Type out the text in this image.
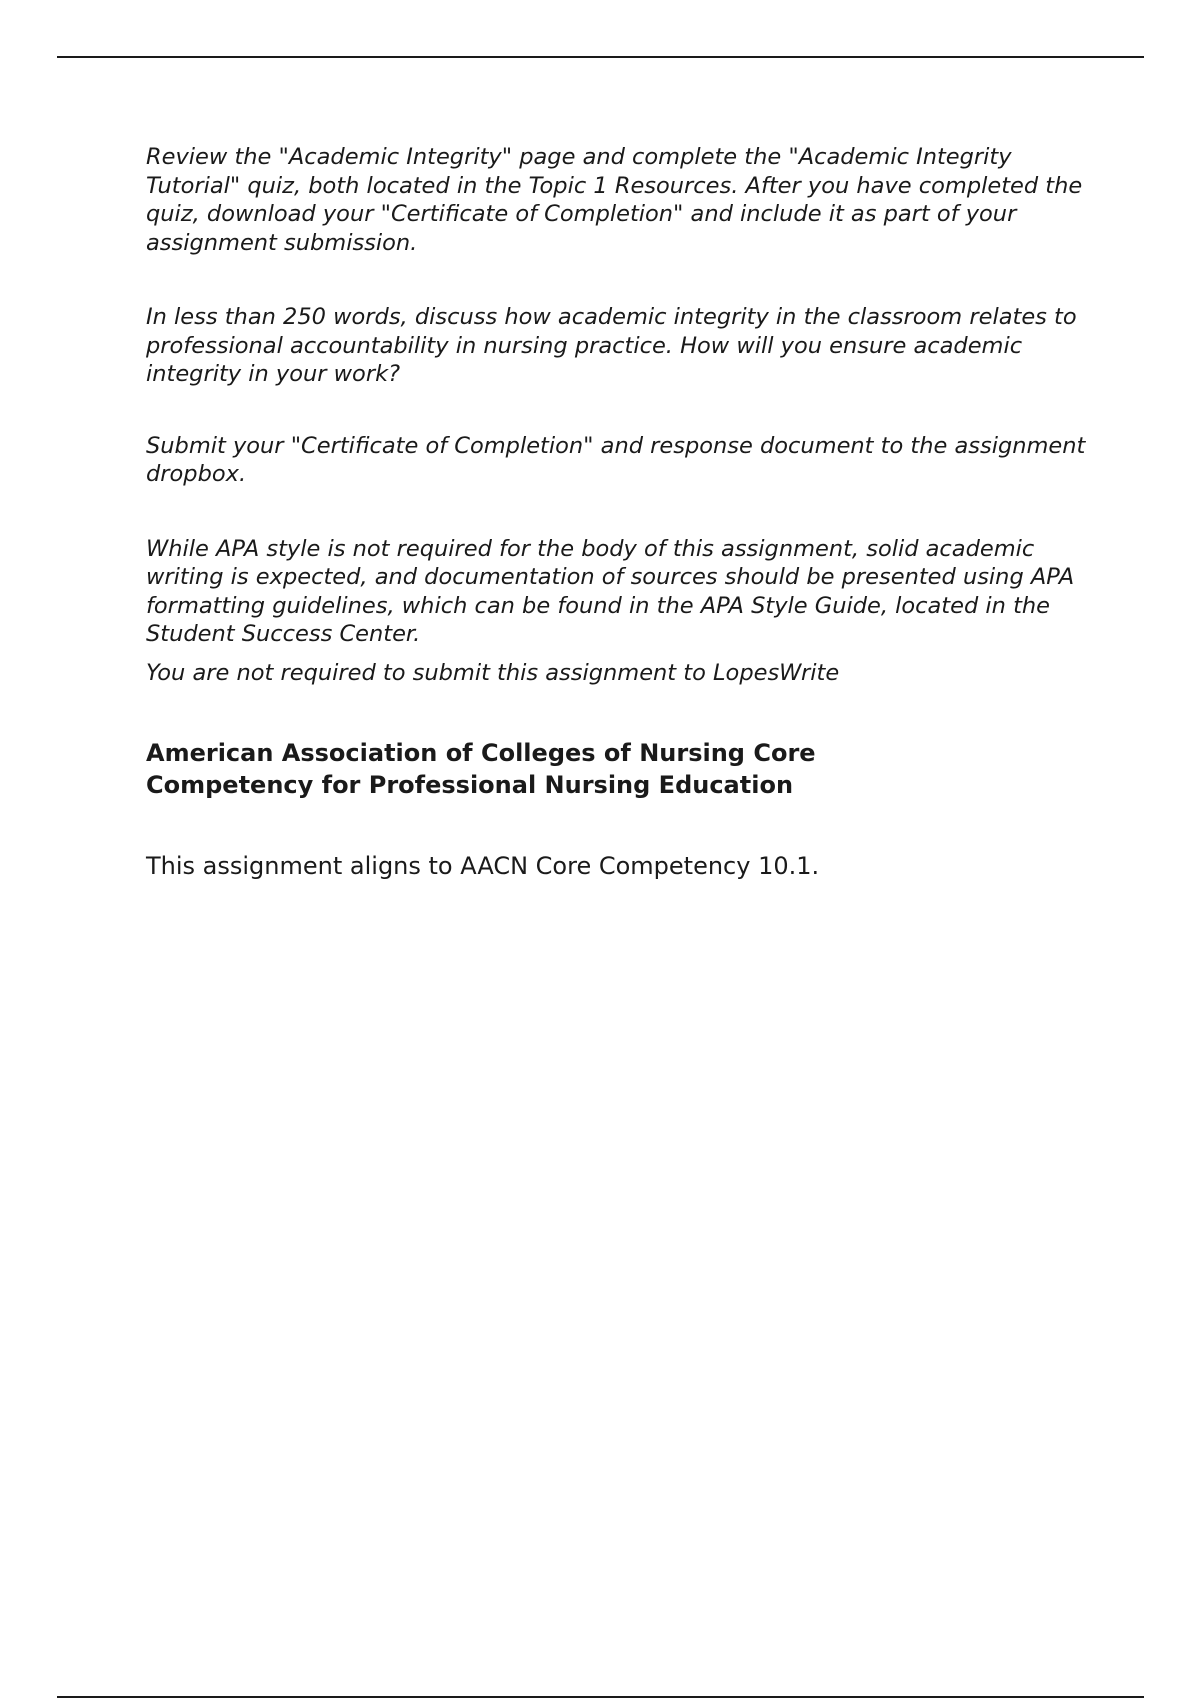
Review the "Academic Integrity" page and complete the "Academic Integrity Tutorial" quiz, both located in the Topic 1 Resources. After you have completed the quiz, download your "Certificate of Completion" and include it as part of your assignment submission.

In less than 250 words, discuss how academic integrity in the classroom relates to professional accountability in nursing practice. How will you ensure academic integrity in your work?

Submit your "Certificate of Completion" and response document to the assignment dropbox.

While APA style is not required for the body of this assignment, solid academic writing is expected, and documentation of sources should be presented using APA formatting guidelines, which can be found in the APA Style Guide, located in the Student Success Center.

You are not required to submit this assignment to LopesWrite

American Association of Colleges of Nursing Core Competency for Professional Nursing Education

This assignment aligns to AACN Core Competency 10.1.
